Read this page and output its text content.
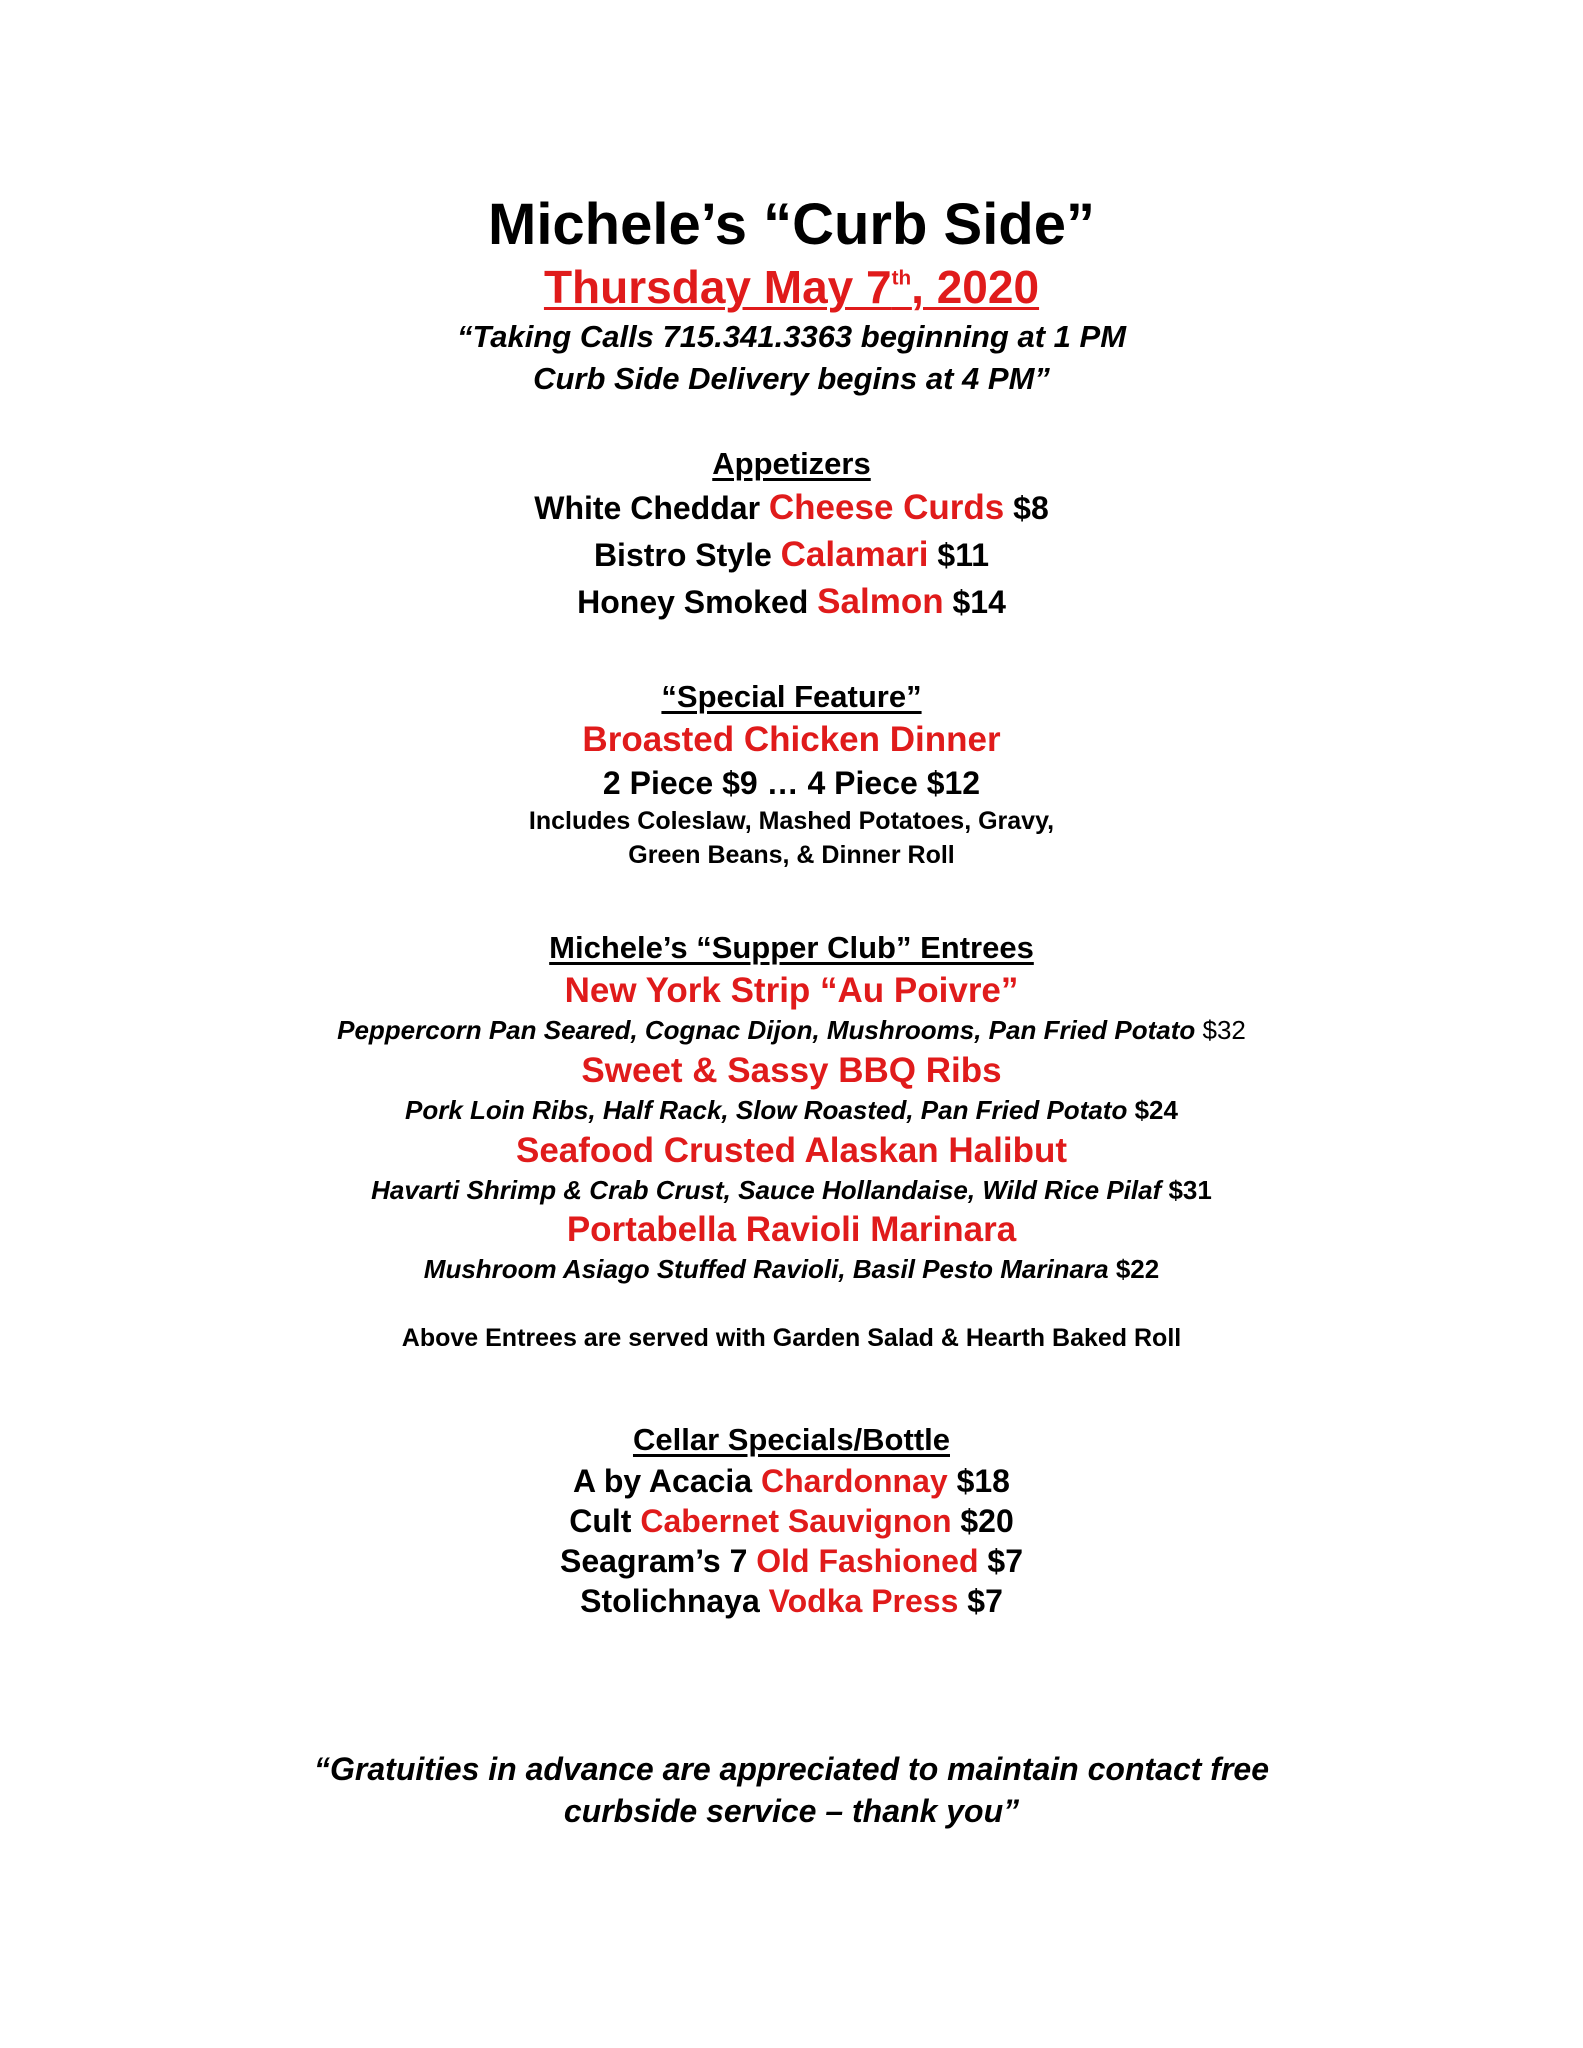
Michele’s “Curb Side”
Thursday May 7th, 2020
“Taking Calls 715.341.3363 beginning at 1 PM
Curb Side Delivery begins at 4 PM”
Appetizers
White Cheddar Cheese Curds $8
Bistro Style Calamari $11
Honey Smoked Salmon $14
“Special Feature”
Broasted Chicken Dinner
2 Piece $9 … 4 Piece $12
Includes Coleslaw, Mashed Potatoes, Gravy,
Green Beans, & Dinner Roll
Michele’s “Supper Club” Entrees
New York Strip “Au Poivre”
Peppercorn Pan Seared, Cognac Dijon, Mushrooms, Pan Fried Potato $32
Sweet & Sassy BBQ Ribs
Pork Loin Ribs, Half Rack, Slow Roasted, Pan Fried Potato $24
Seafood Crusted Alaskan Halibut
Havarti Shrimp & Crab Crust, Sauce Hollandaise, Wild Rice Pilaf $31
Portabella Ravioli Marinara
Mushroom Asiago Stuffed Ravioli, Basil Pesto Marinara $22
Above Entrees are served with Garden Salad & Hearth Baked Roll
Cellar Specials/Bottle
A by Acacia Chardonnay $18
Cult Cabernet Sauvignon $20
Seagram’s 7 Old Fashioned $7
Stolichnaya Vodka Press $7
“Gratuities in advance are appreciated to maintain contact free
curbside service – thank you”
